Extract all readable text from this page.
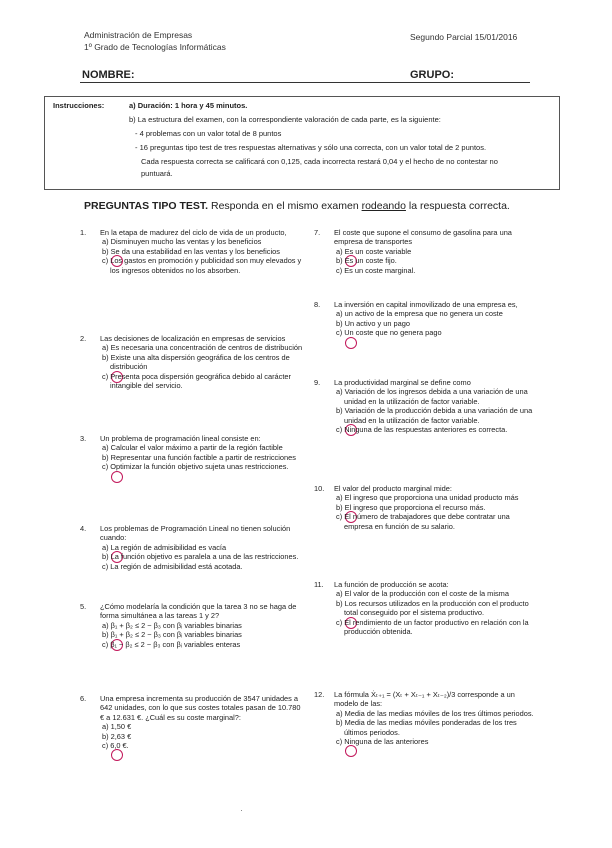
Administración de Empresas
1º Grado de Tecnologías Informáticas
Segundo Parcial 15/01/2016
NOMBRE:	GRUPO:
Instrucciones:	a) Duración: 1 hora y 45 minutos.
b) La estructura del examen, con la correspondiente valoración de cada parte, es la siguiente:
- 4 problemas con un valor total de 8 puntos
- 16 preguntas tipo test de tres respuestas alternativas y sólo una correcta, con un valor total de 2 puntos.
Cada respuesta correcta se calificará con 0,125, cada incorrecta restará 0,04 y el hecho de no contestar no
puntuará.
PREGUNTAS TIPO TEST. Responda en el mismo examen rodeando la respuesta correcta.
1.	En la etapa de madurez del ciclo de vida de un producto,
a) Disminuyen mucho las ventas y los beneficios
b) Se da una estabilidad en las ventas y los beneficios
c) Los gastos en promoción y publicidad son muy elevados y los ingresos obtenidos no los absorben.
2.	Las decisiones de localización en empresas de servicios
a) Es necesaria una concentración de centros de distribución
b) Existe una alta dispersión geográfica de los centros de distribución
c) Presenta poca dispersión geográfica debido al carácter intangible del servicio.
3.	Un problema de programación lineal consiste en:
a) Calcular el valor máximo a partir de la región factible
b) Representar una función factible a partir de restricciones
c) Optimizar la función objetivo sujeta unas restricciones.
4.	Los problemas de Programación Lineal no tienen solución cuando:
a) La región de admisibilidad es vacía
b) La función objetivo es paralela a una de las restricciones.
c) La región de admisibilidad está acotada.
5.	¿Cómo modelaría la condición que la tarea 3 no se haga de forma simultánea a las tareas 1 y 2?
a) β₁ + β₂ ≤ 2 − β₃ con βᵢ variables binarias
b) β₁ + β₂ ≤ 2 − β₃ con βᵢ variables binarias
c) β₁ − β₂ ≤ 2 − β₃ con βᵢ variables enteras
6.	Una empresa incrementa su producción de 3547 unidades a 642 unidades, con lo que sus costes totales pasan de 10.780 € a 12.631 €. ¿Cuál es su coste marginal?:
a) 1,50 €
b) 2,63 €
c) 6,0 €.
7.	El coste que supone el consumo de gasolina para una empresa de transportes
a) Es un coste variable
b) Es un coste fijo.
c) Es un coste marginal.
8.	La inversión en capital inmovilizado de una empresa es,
a) un activo de la empresa que no genera un coste
b) Un activo y un pago
c) Un coste que no genera pago
9.	La productividad marginal se define como
a) Variación de los ingresos debida a una variación de una unidad en la utilización de factor variable.
b) Variación de la producción debida a una variación de una unidad en la utilización de factor variable.
c) Ninguna de las respuestas anteriores es correcta.
10.	El valor del producto marginal mide:
a) El ingreso que proporciona una unidad producto más
b) El ingreso que proporciona el recurso más.
c) El número de trabajadores que debe contratar una empresa en función de su salario.
11.	La función de producción se acota:
a) El valor de la producción con el coste de la misma
b) Los recursos utilizados en la producción con el producto total conseguido por el sistema productivo.
c) El rendimiento de un factor productivo en relación con la producción obtenida.
12.	La fórmula Ẋₜ₊₁ = (Xₜ + Xₜ₋₁ + Xₜ₋₂)/3 corresponde a un modelo de las:
a) Media de las medias móviles de los tres últimos periodos.
b) Media de las medias móviles ponderadas de los tres últimos periodos.
c) Ninguna de las anteriores
·
